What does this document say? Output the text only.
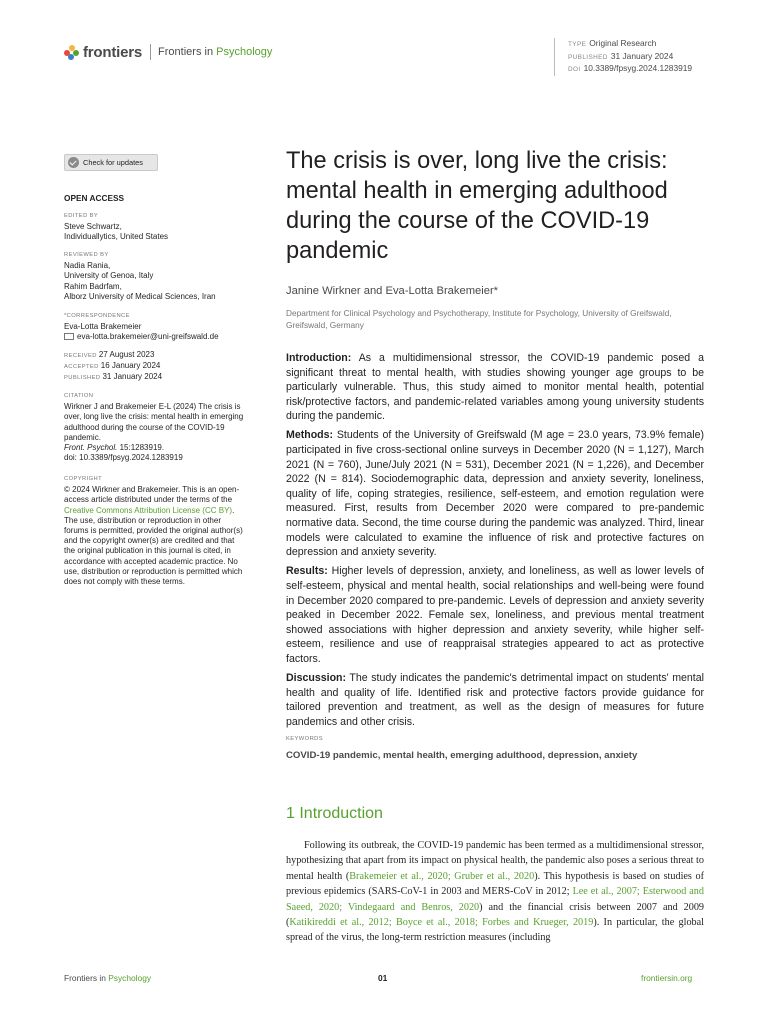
frontiers Frontiers in Psychology
TYPE Original Research
PUBLISHED 31 January 2024
DOI 10.3389/fpsyg.2024.1283919
Check for updates
OPEN ACCESS
EDITED BY
Steve Schwartz,
Individuallytics, United States
REVIEWED BY
Nadia Rania,
University of Genoa, Italy
Rahim Badrfam,
Alborz University of Medical Sciences, Iran
*CORRESPONDENCE
Eva-Lotta Brakemeier
eva-lotta.brakemeier@uni-greifswald.de
RECEIVED 27 August 2023
ACCEPTED 16 January 2024
PUBLISHED 31 January 2024
CITATION
Wirkner J and Brakemeier E-L (2024) The crisis is over, long live the crisis: mental health in emerging adulthood during the course of the COVID-19 pandemic.
Front. Psychol. 15:1283919.
doi: 10.3389/fpsyg.2024.1283919
COPYRIGHT
© 2024 Wirkner and Brakemeier. This is an open-access article distributed under the terms of the Creative Commons Attribution License (CC BY). The use, distribution or reproduction in other forums is permitted, provided the original author(s) and the copyright owner(s) are credited and that the original publication in this journal is cited, in accordance with accepted academic practice. No use, distribution or reproduction is permitted which does not comply with these terms.
The crisis is over, long live the crisis: mental health in emerging adulthood during the course of the COVID-19 pandemic
Janine Wirkner and Eva-Lotta Brakemeier*
Department for Clinical Psychology and Psychotherapy, Institute for Psychology, University of Greifswald, Greifswald, Germany

Introduction: As a multidimensional stressor, the COVID-19 pandemic posed a significant threat to mental health, with studies showing younger age groups to be particularly vulnerable. Thus, this study aimed to monitor mental health, potential risk/protective factors, and pandemic-related variables among young university students during the pandemic.

Methods: Students of the University of Greifswald (M age = 23.0 years, 73.9% female) participated in five cross-sectional online surveys in December 2020 (N = 1,127), March 2021 (N = 760), June/July 2021 (N = 531), December 2021 (N = 1,226), and December 2022 (N = 814). Sociodemographic data, depression and anxiety severity, loneliness, quality of life, coping strategies, resilience, self-esteem, and emotion regulation were measured. First, results from December 2020 were compared to pre-pandemic normative data. Second, the time course during the pandemic was analyzed. Third, linear models were calculated to examine the influence of risk and protective factures on depression and anxiety severity.

Results: Higher levels of depression, anxiety, and loneliness, as well as lower levels of self-esteem, physical and mental health, social relationships and well-being were found in December 2020 compared to pre-pandemic. Levels of depression and anxiety severity peaked in December 2022. Female sex, loneliness, and previous mental treatment showed associations with higher depression and anxiety severity, while higher self-esteem, resilience and use of reappraisal strategies appeared to act as protective factors.

Discussion: The study indicates the pandemic's detrimental impact on students' mental health and quality of life. Identified risk and protective factors provide guidance for tailored prevention and treatment, as well as the design of measures for future pandemics and other crisis.

KEYWORDS
COVID-19 pandemic, mental health, emerging adulthood, depression, anxiety
1 Introduction

Following its outbreak, the COVID-19 pandemic has been termed as a multidimensional stressor, hypothesizing that apart from its impact on physical health, the pandemic also poses a serious threat to mental health (Brakemeier et al., 2020; Gruber et al., 2020). This hypothesis is based on studies of previous epidemics (SARS-CoV-1 in 2003 and MERS-CoV in 2012; Lee et al., 2007; Esterwood and Saeed, 2020; Vindegaard and Benros, 2020) and the financial crisis between 2007 and 2009 (Katikireddi et al., 2012; Boyce et al., 2018; Forbes and Krueger, 2019). In particular, the global spread of the virus, the long-term restriction measures (including

Frontiers in Psychology	01	frontiersin.org
